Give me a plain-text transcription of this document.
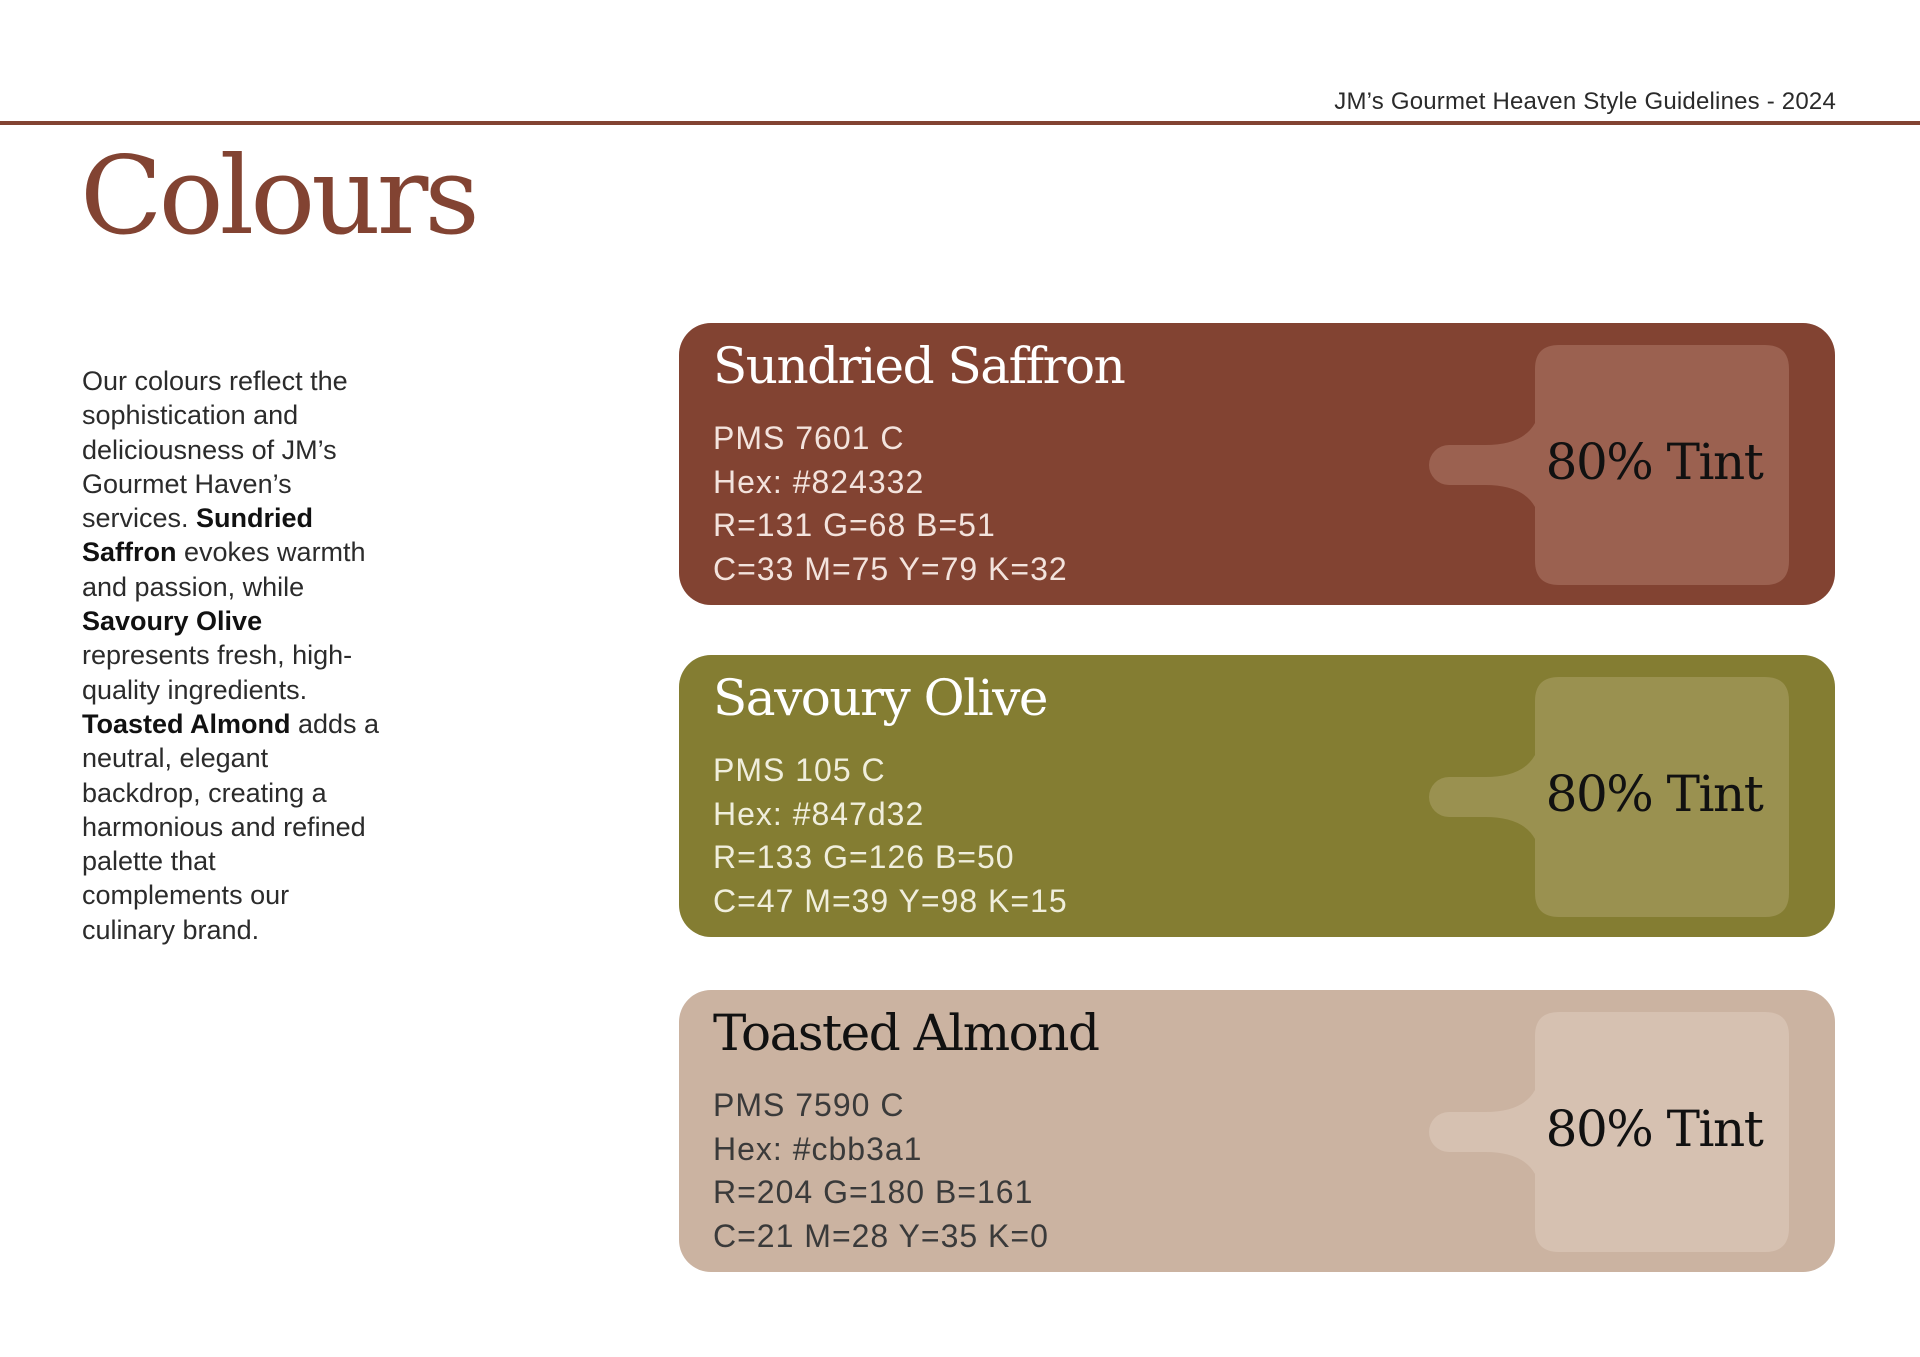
JM’s Gourmet Heaven Style Guidelines - 2024
Colours

Our colours reflect the sophistication and deliciousness of JM’s Gourmet Haven’s services. Sundried Saffron evokes warmth and passion, while Savoury Olive represents fresh, high-quality ingredients. Toasted Almond adds a neutral, elegant backdrop, creating a harmonious and refined palette that complements our culinary brand.

Sundried Saffron
PMS 7601 C
Hex: #824332
R=131 G=68 B=51
C=33 M=75 Y=79 K=32
80% Tint
Savoury Olive
PMS 105 C
Hex: #847d32
R=133 G=126 B=50
C=47 M=39 Y=98 K=15
80% Tint
Toasted Almond
PMS 7590 C
Hex: #cbb3a1
R=204 G=180 B=161
C=21 M=28 Y=35 K=0
80% Tint
